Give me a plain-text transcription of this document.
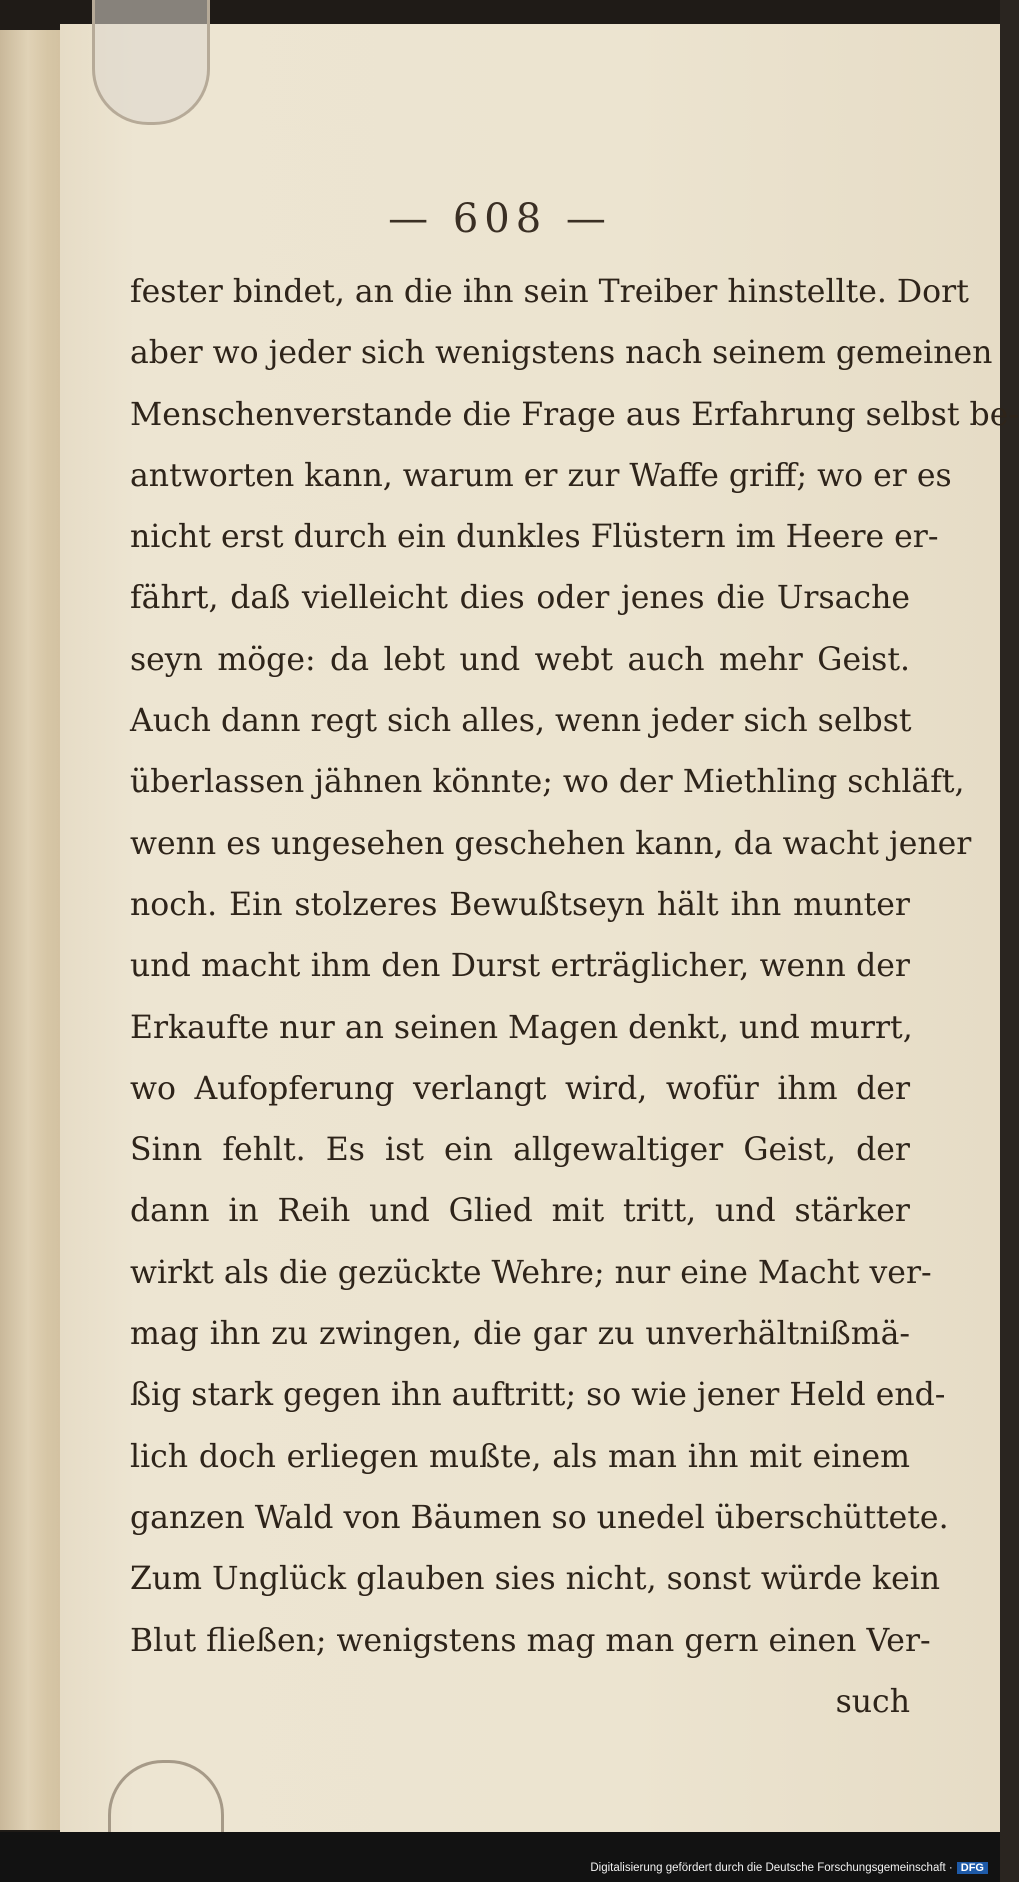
— 608 —
fester bindet, an die ihn sein Treiber hinstellte. Dort
aber wo jeder sich wenigstens nach seinem gemeinen
Menschenverstande die Frage aus Erfahrung selbst be-
antworten kann, warum er zur Waffe griff; wo er es
nicht erst durch ein dunkles Flüstern im Heere er-
fährt, daß vielleicht dies oder jenes die Ursache
seyn möge: da lebt und webt auch mehr Geist.
Auch dann regt sich alles, wenn jeder sich selbst
überlassen jähnen könnte; wo der Miethling schläft,
wenn es ungesehen geschehen kann, da wacht jener
noch. Ein stolzeres Bewußtseyn hält ihn munter
und macht ihm den Durst erträglicher, wenn der
Erkaufte nur an seinen Magen denkt, und murrt,
wo Aufopferung verlangt wird, wofür ihm der
Sinn fehlt. Es ist ein allgewaltiger Geist, der
dann in Reih und Glied mit tritt, und stärker
wirkt als die gezückte Wehre; nur eine Macht ver-
mag ihn zu zwingen, die gar zu unverhältnißmä-
ßig stark gegen ihn auftritt; so wie jener Held end-
lich doch erliegen mußte, als man ihn mit einem
ganzen Wald von Bäumen so unedel überschüttete.
Zum Unglück glauben sies nicht, sonst würde kein
Blut fließen; wenigstens mag man gern einen Ver-
such
Digitalisierung gefördert durch die Deutsche Forschungsgemeinschaft · DFG
